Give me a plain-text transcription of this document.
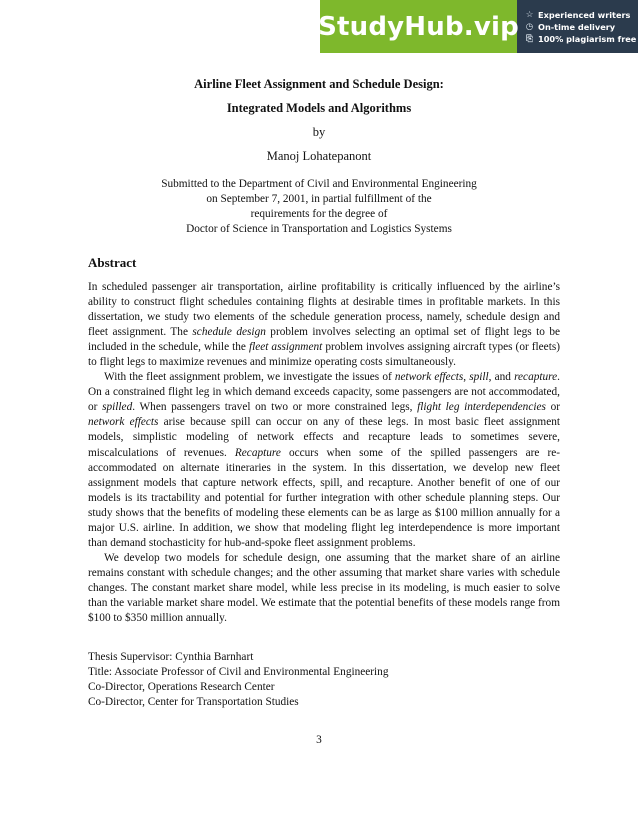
StudyHub.vip ☆ Experienced writers
◷ On-time delivery
⎘ 100% plagiarism free
Airline Fleet Assignment and Schedule Design:
Integrated Models and Algorithms
by
Manoj Lohatepanont
Submitted to the Department of Civil and Environmental Engineering
on September 7, 2001, in partial fulfillment of the
requirements for the degree of
Doctor of Science in Transportation and Logistics Systems
Abstract

In scheduled passenger air transportation, airline profitability is critically influenced by the airline’s ability to construct flight schedules containing flights at desirable times in profitable markets. In this dissertation, we study two elements of the schedule generation process, namely, schedule design and fleet assignment. The schedule design problem involves selecting an optimal set of flight legs to be included in the schedule, while the fleet assignment problem involves assigning aircraft types (or fleets) to flight legs to maximize revenues and minimize operating costs simultaneously.

With the fleet assignment problem, we investigate the issues of network effects, spill, and recapture. On a constrained flight leg in which demand exceeds capacity, some passengers are not accommodated, or spilled. When passengers travel on two or more constrained legs, flight leg interdependencies or network effects arise because spill can occur on any of these legs. In most basic fleet assignment models, simplistic modeling of network effects and recapture leads to sometimes severe, miscalculations of revenues. Recapture occurs when some of the spilled passengers are re-accommodated on alternate itineraries in the system. In this dissertation, we develop new fleet assignment models that capture network effects, spill, and recapture. Another benefit of one of our models is its tractability and potential for further integration with other schedule planning steps. Our study shows that the benefits of modeling these elements can be as large as $100 million annually for a major U.S. airline. In addition, we show that modeling flight leg interdependence is more important than demand stochasticity for hub-and-spoke fleet assignment problems.

We develop two models for schedule design, one assuming that the market share of an airline remains constant with schedule changes; and the other assuming that market share varies with schedule changes. The constant market share model, while less precise in its modeling, is much easier to solve than the variable market share model. We estimate that the potential benefits of these models range from $100 to $350 million annually.

Thesis Supervisor: Cynthia Barnhart
Title: Associate Professor of Civil and Environmental Engineering
Co-Director, Operations Research Center
Co-Director, Center for Transportation Studies
3
